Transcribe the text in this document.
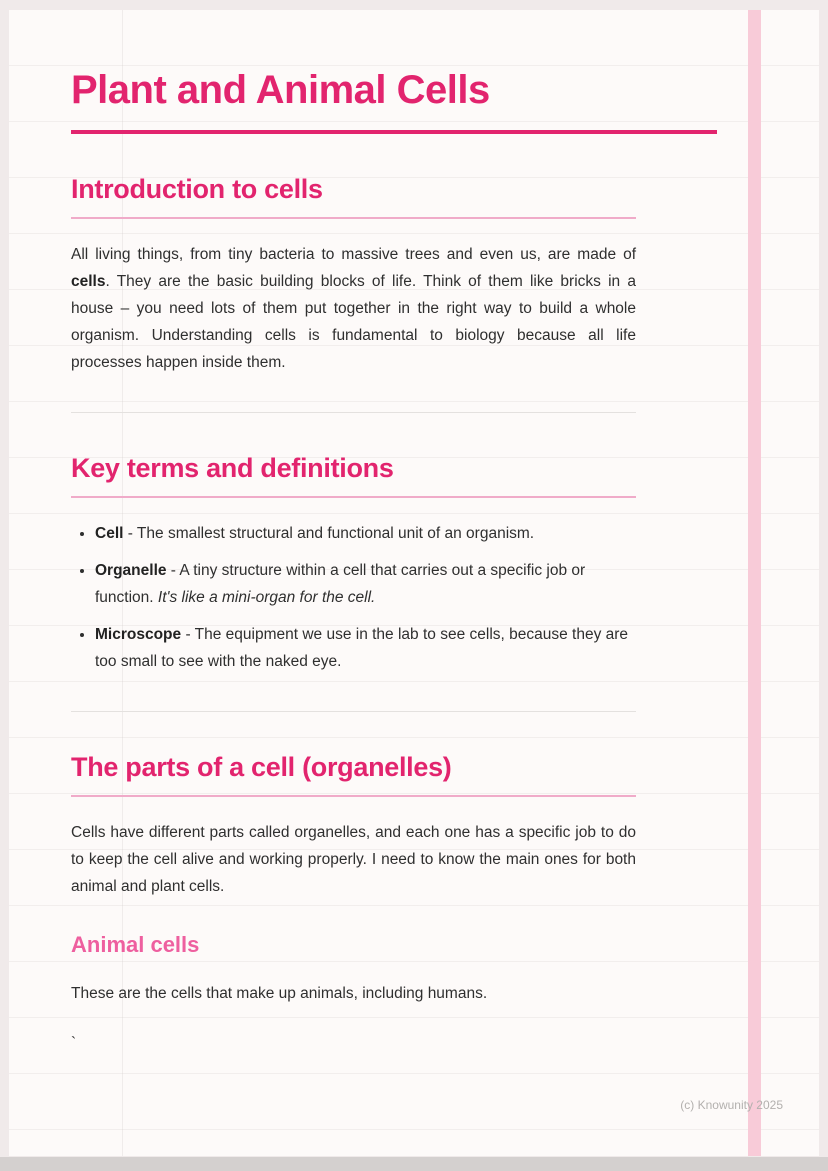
Plant and Animal Cells
Introduction to cells

All living things, from tiny bacteria to massive trees and even us, are made of cells. They are the basic building blocks of life. Think of them like bricks in a house – you need lots of them put together in the right way to build a whole organism. Understanding cells is fundamental to biology because all life processes happen inside them.

Key terms and definitions
• Cell - The smallest structural and functional unit of an organism.
• Organelle - A tiny structure within a cell that carries out a specific job or function. It's like a mini-organ for the cell.
• Microscope - The equipment we use in the lab to see cells, because they are too small to see with the naked eye.
The parts of a cell (organelles)

Cells have different parts called organelles, and each one has a specific job to do to keep the cell alive and working properly. I need to know the main ones for both animal and plant cells.

Animal cells

These are the cells that make up animals, including humans.

`

(c) Knowunity 2025
